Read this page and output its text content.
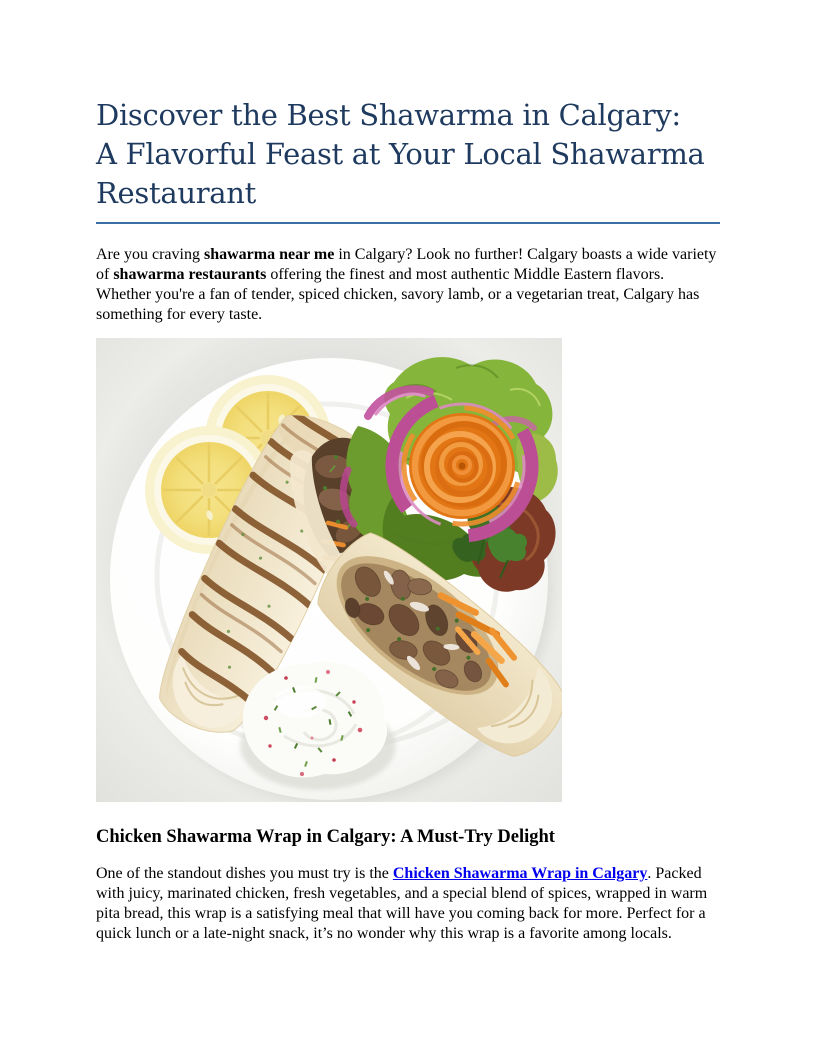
Discover the Best Shawarma in Calgary:
A Flavorful Feast at Your Local Shawarma
Restaurant

Are you craving shawarma near me in Calgary? Look no further! Calgary boasts a wide variety of shawarma restaurants offering the finest and most authentic Middle Eastern flavors. Whether you're a fan of tender, spiced chicken, savory lamb, or a vegetarian treat, Calgary has something for every taste.

Chicken Shawarma Wrap in Calgary: A Must-Try Delight

One of the standout dishes you must try is the Chicken Shawarma Wrap in Calgary. Packed with juicy, marinated chicken, fresh vegetables, and a special blend of spices, wrapped in warm pita bread, this wrap is a satisfying meal that will have you coming back for more. Perfect for a quick lunch or a late-night snack, it’s no wonder why this wrap is a favorite among locals.
